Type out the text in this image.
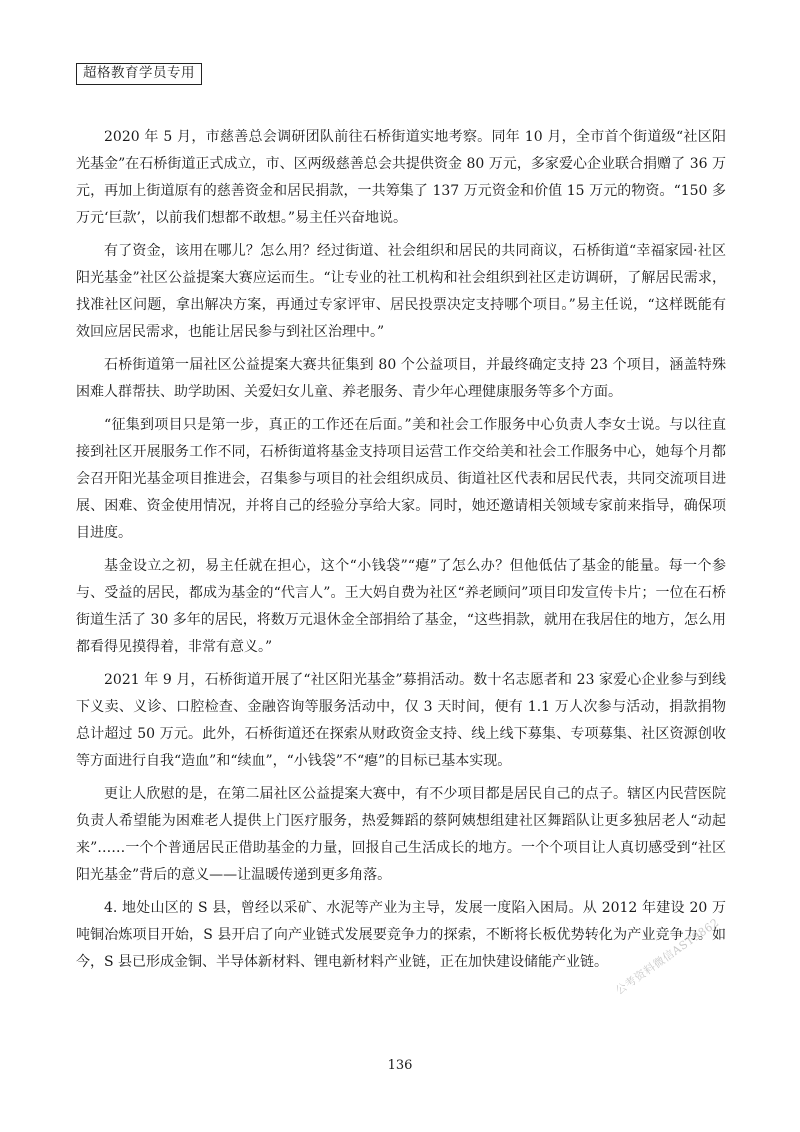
超格教育学员专用

2020 年 5 月，市慈善总会调研团队前往石桥街道实地考察。同年 10 月，全市首个街道级“社区阳光基金”在石桥街道正式成立，市、区两级慈善总会共提供资金 80 万元，多家爱心企业联合捐赠了 36 万元，再加上街道原有的慈善资金和居民捐款，一共筹集了 137 万元资金和价值 15 万元的物资。“150 多万元‘巨款’，以前我们想都不敢想。”易主任兴奋地说。

有了资金，该用在哪儿？怎么用？经过街道、社会组织和居民的共同商议，石桥街道“幸福家园·社区阳光基金”社区公益提案大赛应运而生。“让专业的社工机构和社会组织到社区走访调研，了解居民需求，找准社区问题，拿出解决方案，再通过专家评审、居民投票决定支持哪个项目。”易主任说，“这样既能有效回应居民需求，也能让居民参与到社区治理中。”

石桥街道第一届社区公益提案大赛共征集到 80 个公益项目，并最终确定支持 23 个项目，涵盖特殊困难人群帮扶、助学助困、关爱妇女儿童、养老服务、青少年心理健康服务等多个方面。

“征集到项目只是第一步，真正的工作还在后面。”美和社会工作服务中心负责人李女士说。与以往直接到社区开展服务工作不同，石桥街道将基金支持项目运营工作交给美和社会工作服务中心，她每个月都会召开阳光基金项目推进会，召集参与项目的社会组织成员、街道社区代表和居民代表，共同交流项目进展、困难、资金使用情况，并将自己的经验分享给大家。同时，她还邀请相关领域专家前来指导，确保项目进度。

基金设立之初，易主任就在担心，这个“小钱袋”“瘪”了怎么办？但他低估了基金的能量。每一个参与、受益的居民，都成为基金的“代言人”。王大妈自费为社区“养老顾问”项目印发宣传卡片；一位在石桥街道生活了 30 多年的居民，将数万元退休金全部捐给了基金，“这些捐款，就用在我居住的地方，怎么用都看得见摸得着，非常有意义。”

2021 年 9 月，石桥街道开展了“社区阳光基金”募捐活动。数十名志愿者和 23 家爱心企业参与到线下义卖、义诊、口腔检查、金融咨询等服务活动中，仅 3 天时间，便有 1.1 万人次参与活动，捐款捐物总计超过 50 万元。此外，石桥街道还在探索从财政资金支持、线上线下募集、专项募集、社区资源创收等方面进行自我“造血”和“续血”，“小钱袋”不“瘪”的目标已基本实现。

更让人欣慰的是，在第二届社区公益提案大赛中，有不少项目都是居民自己的点子。辖区内民营医院负责人希望能为困难老人提供上门医疗服务，热爱舞蹈的蔡阿姨想组建社区舞蹈队让更多独居老人“动起来”……一个个普通居民正借助基金的力量，回报自己生活成长的地方。一个个项目让人真切感受到“社区阳光基金”背后的意义——让温暖传递到更多角落。

4. 地处山区的 S 县，曾经以采矿、水泥等产业为主导，发展一度陷入困局。从 2012 年建设 20 万吨铜冶炼项目开始，S 县开启了向产业链式发展要竞争力的探索，不断将长板优势转化为产业竞争力。如今，S 县已形成金铜、半导体新材料、锂电新材料产业链，正在加快建设储能产业链。 公考资料微信AST9862
136
